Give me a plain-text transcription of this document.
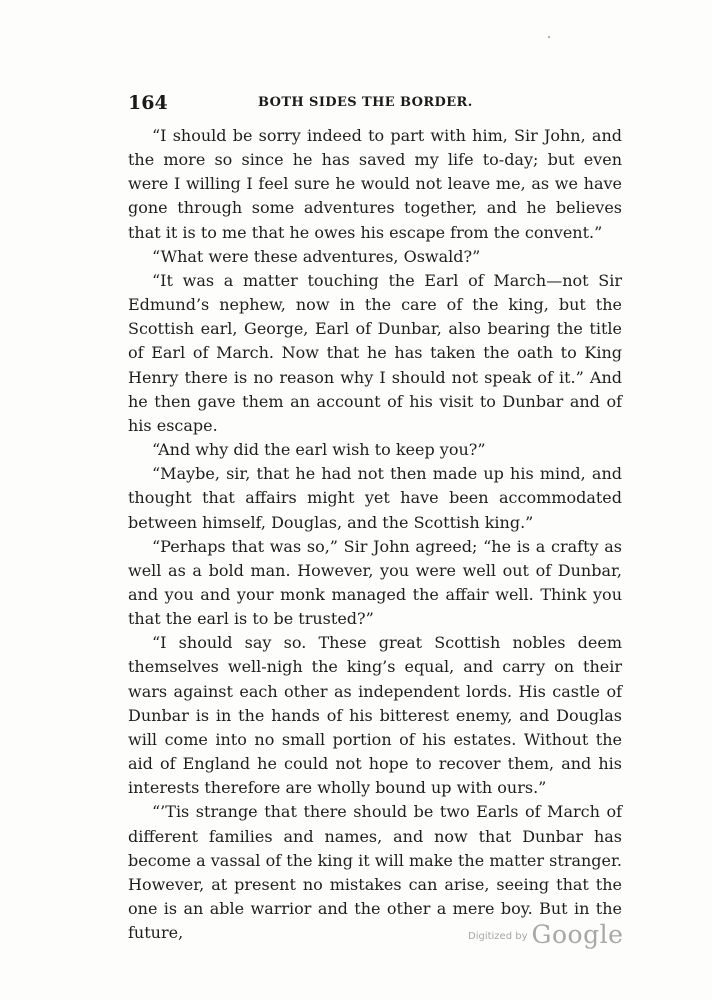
164	BOTH SIDES THE BORDER.

“I should be sorry indeed to part with him, Sir John, and the more so since he has saved my life to-day; but even were I willing I feel sure he would not leave me, as we have gone through some adventures together, and he believes that it is to me that he owes his escape from the convent.”

“What were these adventures, Oswald?”

“It was a matter touching the Earl of March—not Sir Edmund’s nephew, now in the care of the king, but the Scottish earl, George, Earl of Dunbar, also bearing the title of Earl of March. Now that he has taken the oath to King Henry there is no reason why I should not speak of it.” And he then gave them an account of his visit to Dunbar and of his escape.

“And why did the earl wish to keep you?”

“Maybe, sir, that he had not then made up his mind, and thought that affairs might yet have been accommodated between himself, Douglas, and the Scottish king.”

“Perhaps that was so,” Sir John agreed; “he is a crafty as well as a bold man. However, you were well out of Dunbar, and you and your monk managed the affair well. Think you that the earl is to be trusted?”

“I should say so. These great Scottish nobles deem themselves well-nigh the king’s equal, and carry on their wars against each other as independent lords. His castle of Dunbar is in the hands of his bitterest enemy, and Douglas will come into no small portion of his estates. Without the aid of England he could not hope to recover them, and his interests therefore are wholly bound up with ours.”

“’Tis strange that there should be two Earls of March of different families and names, and now that Dunbar has become a vassal of the king it will make the matter stranger. However, at present no mistakes can arise, seeing that the one is an able warrior and the other a mere boy. But in the future,	$^{Digitized by}$ Google
